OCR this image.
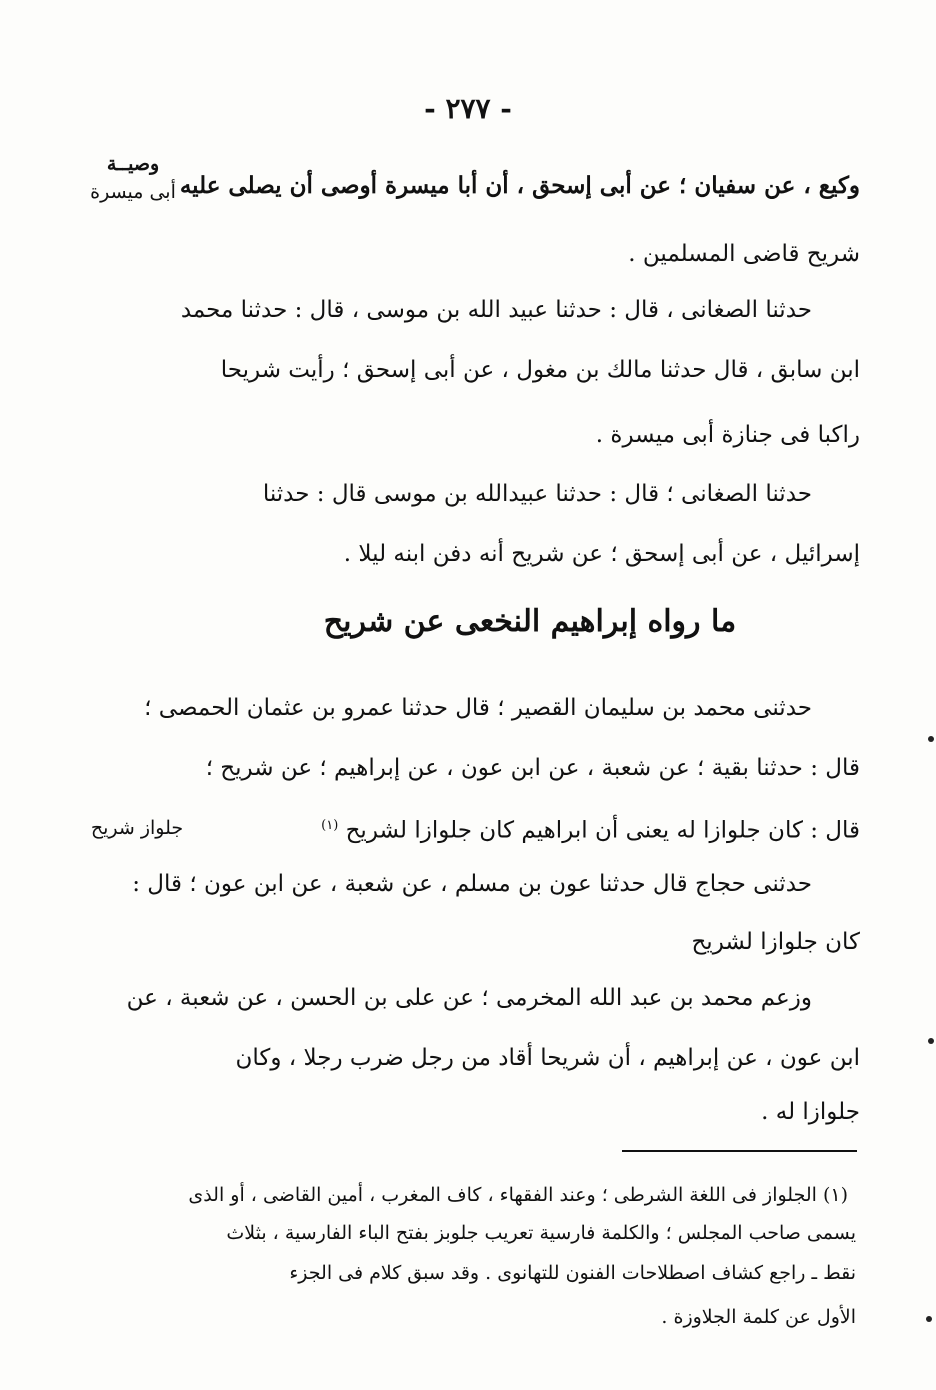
- ٢٧٧ -
وصيــة
أبى ميسرة
جلواز شريح
وكيع ، عن سفيان ؛ عن أبى إسحق ، أن أبا ميسرة أوصى أن يصلى عليه
شريح قاضى المسلمين .
حدثنا الصغانى ، قال : حدثنا عبيد الله بن موسى ، قال : حدثنا محمد
ابن سابق ، قال حدثنا مالك بن مغول ، عن أبى إسحق ؛ رأيت شريحا
راكبا فى جنازة أبى ميسرة .
حدثنا الصغانى ؛ قال : حدثنا عبيدالله بن موسى قال : حدثنا
إسرائيل ، عن أبى إسحق ؛ عن شريح أنه دفن ابنه ليلا .
حدثنى محمد بن سليمان القصير ؛ قال حدثنا عمرو بن عثمان الحمصى ؛
قال : حدثنا بقية ؛ عن شعبة ، عن ابن عون ، عن إبراهيم ؛ عن شريح ؛
قال : كان جلوازا له يعنى أن ابراهيم كان جلوازا لشريح $^{(١)}$
حدثنى حجاج قال حدثنا عون بن مسلم ، عن شعبة ، عن ابن عون ؛ قال :
كان جلوازا لشريح
وزعم محمد بن عبد الله المخرمى ؛ عن على بن الحسن ، عن شعبة ، عن
ابن عون ، عن إبراهيم ، أن شريحا أقاد من رجل ضرب رجلا ، وكان
جلوازا له .
ما رواه إبراهيم النخعى عن شريح
(١) الجلواز فى اللغة الشرطى ؛ وعند الفقهاء ، كاف المغرب ، أمين القاضى ، أو الذى
يسمى صاحب المجلس ؛ والكلمة فارسية تعريب جلوبز بفتح الباء الفارسية ، بثلاث
نقط ـ راجع كشاف اصطلاحات الفنون للتهانوى . وقد سبق كلام فى الجزء
الأول عن كلمة الجلاوزة .
